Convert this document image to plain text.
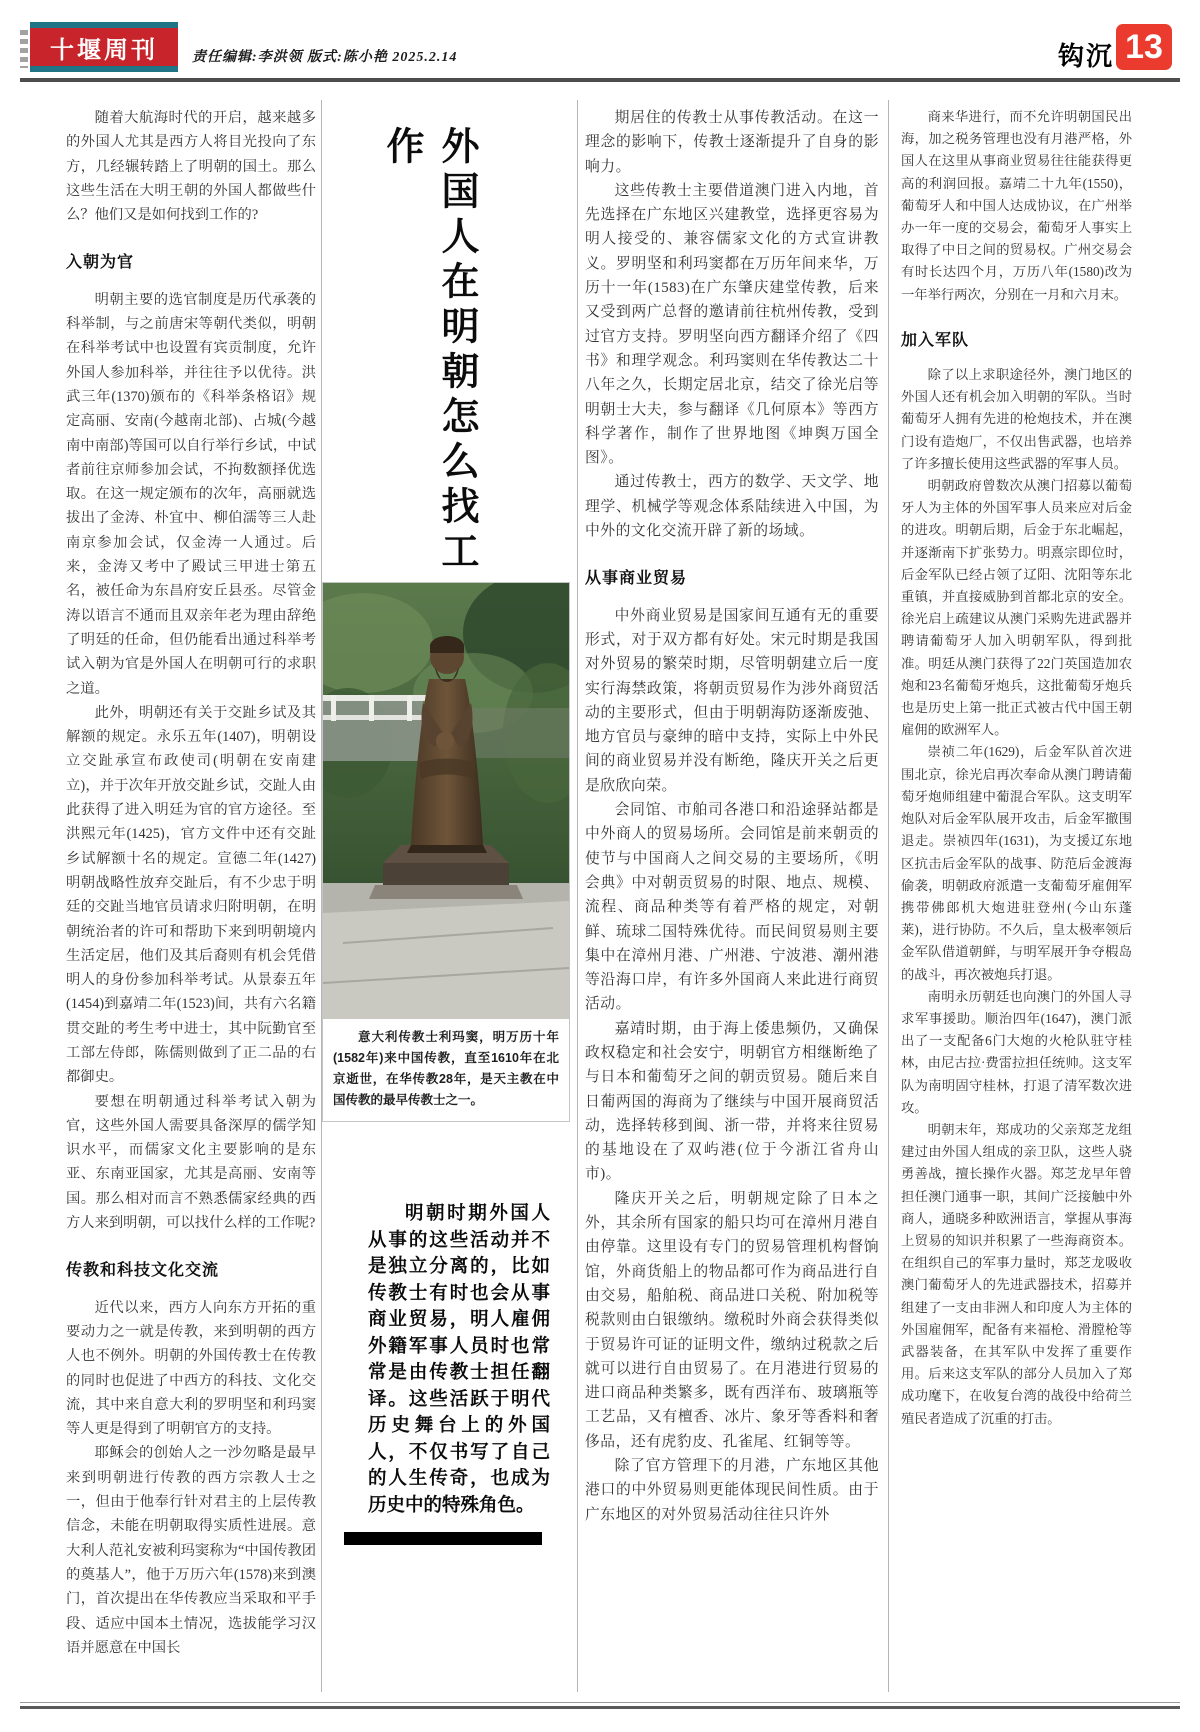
十堰周刊 责任编辑:李洪领 版式:陈小艳 2025.2.14	钩沉 13

随着大航海时代的开启，越来越多的外国人尤其是西方人将目光投向了东方，几经辗转踏上了明朝的国土。那么这些生活在大明王朝的外国人都做些什么？他们又是如何找到工作的?

入朝为官

明朝主要的选官制度是历代承袭的科举制，与之前唐宋等朝代类似，明朝在科举考试中也设置有宾贡制度，允许外国人参加科举，并往往予以优待。洪武三年(1370)颁布的《科举条格诏》规定高丽、安南(今越南北部)、占城(今越南中南部)等国可以自行举行乡试，中试者前往京师参加会试，不拘数额择优选取。在这一规定颁布的次年，高丽就选拔出了金涛、朴宜中、柳伯濡等三人赴南京参加会试，仅金涛一人通过。后来，金涛又考中了殿试三甲进士第五名，被任命为东昌府安丘县丞。尽管金涛以语言不通而且双亲年老为理由辞绝了明廷的任命，但仍能看出通过科举考试入朝为官是外国人在明朝可行的求职之道。

此外，明朝还有关于交趾乡试及其解额的规定。永乐五年(1407)，明朝设立交趾承宣布政使司(明朝在安南建立)，并于次年开放交趾乡试，交趾人由此获得了进入明廷为官的官方途径。至洪熙元年(1425)，官方文件中还有交趾乡试解额十名的规定。宣德二年(1427)明朝战略性放弃交趾后，有不少忠于明廷的交趾当地官员请求归附明朝，在明朝统治者的许可和帮助下来到明朝境内生活定居，他们及其后裔则有机会凭借明人的身份参加科举考试。从景泰五年(1454)到嘉靖二年(1523)间，共有六名籍贯交趾的考生考中进士，其中阮勤官至工部左侍郎，陈儒则做到了正二品的右都御史。

要想在明朝通过科举考试入朝为官，这些外国人需要具备深厚的儒学知识水平，而儒家文化主要影响的是东亚、东南亚国家，尤其是高丽、安南等国。那么相对而言不熟悉儒家经典的西方人来到明朝，可以找什么样的工作呢?

传教和科技文化交流

近代以来，西方人向东方开拓的重要动力之一就是传教，来到明朝的西方人也不例外。明朝的外国传教士在传教的同时也促进了中西方的科技、文化交流，其中来自意大利的罗明坚和利玛窦等人更是得到了明朝官方的支持。

耶稣会的创始人之一沙勿略是最早来到明朝进行传教的西方宗教人士之一，但由于他奉行针对君主的上层传教信念，未能在明朝取得实质性进展。意大利人范礼安被利玛窦称为“中国传教团的奠基人”，他于万历六年(1578)来到澳门，首次提出在华传教应当采取和平手段、适应中国本土情况，选拔能学习汉语并愿意在中国长

外国人在明朝怎么找工作
意大利传教士利玛窦，明万历十年(1582年)来中国传教，直至1610年在北京逝世，在华传教28年，是天主教在中国传教的最早传教士之一。
明朝时期外国人从事的这些活动并不是独立分离的，比如传教士有时也会从事商业贸易，明人雇佣外籍军事人员时也常常是由传教士担任翻译。这些活跃于明代历史舞台上的外国人，不仅书写了自己的人生传奇，也成为历史中的特殊角色。

期居住的传教士从事传教活动。在这一理念的影响下，传教士逐渐提升了自身的影响力。

这些传教士主要借道澳门进入内地，首先选择在广东地区兴建教堂，选择更容易为明人接受的、兼容儒家文化的方式宣讲教义。罗明坚和利玛窦都在万历年间来华，万历十一年(1583)在广东肇庆建堂传教，后来又受到两广总督的邀请前往杭州传教，受到过官方支持。罗明坚向西方翻译介绍了《四书》和理学观念。利玛窦则在华传教达二十八年之久，长期定居北京，结交了徐光启等明朝士大夫，参与翻译《几何原本》等西方科学著作，制作了世界地图《坤舆万国全图》。

通过传教士，西方的数学、天文学、地理学、机械学等观念体系陆续进入中国，为中外的文化交流开辟了新的场域。

从事商业贸易

中外商业贸易是国家间互通有无的重要形式，对于双方都有好处。宋元时期是我国对外贸易的繁荣时期，尽管明朝建立后一度实行海禁政策，将朝贡贸易作为涉外商贸活动的主要形式，但由于明朝海防逐渐废弛、地方官员与豪绅的暗中支持，实际上中外民间的商业贸易并没有断绝，隆庆开关之后更是欣欣向荣。

会同馆、市舶司各港口和沿途驿站都是中外商人的贸易场所。会同馆是前来朝贡的使节与中国商人之间交易的主要场所，《明会典》中对朝贡贸易的时限、地点、规模、流程、商品种类等有着严格的规定，对朝鲜、琉球二国特殊优待。而民间贸易则主要集中在漳州月港、广州港、宁波港、潮州港等沿海口岸，有许多外国商人来此进行商贸活动。

嘉靖时期，由于海上倭患频仍，又确保政权稳定和社会安宁，明朝官方相继断绝了与日本和葡萄牙之间的朝贡贸易。随后来自日葡两国的海商为了继续与中国开展商贸活动，选择转移到闽、浙一带，并将来往贸易的基地设在了双屿港(位于今浙江省舟山市)。

隆庆开关之后，明朝规定除了日本之外，其余所有国家的船只均可在漳州月港自由停靠。这里设有专门的贸易管理机构督饷馆，外商货船上的物品都可作为商品进行自由交易，船舶税、商品进口关税、附加税等税款则由白银缴纳。缴税时外商会获得类似于贸易许可证的证明文件，缴纳过税款之后就可以进行自由贸易了。在月港进行贸易的进口商品种类繁多，既有西洋布、玻璃瓶等工艺品，又有檀香、冰片、象牙等香料和奢侈品，还有虎豹皮、孔雀尾、红铜等等。

除了官方管理下的月港，广东地区其他港口的中外贸易则更能体现民间性质。由于广东地区的对外贸易活动往往只许外

商来华进行，而不允许明朝国民出海，加之税务管理也没有月港严格，外国人在这里从事商业贸易往往能获得更高的利润回报。嘉靖二十九年(1550)，葡萄牙人和中国人达成协议，在广州举办一年一度的交易会，葡萄牙人事实上取得了中日之间的贸易权。广州交易会有时长达四个月，万历八年(1580)改为一年举行两次，分别在一月和六月末。

加入军队

除了以上求职途径外，澳门地区的外国人还有机会加入明朝的军队。当时葡萄牙人拥有先进的枪炮技术，并在澳门设有造炮厂，不仅出售武器，也培养了许多擅长使用这些武器的军事人员。

明朝政府曾数次从澳门招募以葡萄牙人为主体的外国军事人员来应对后金的进攻。明朝后期，后金于东北崛起，并逐渐南下扩张势力。明熹宗即位时，后金军队已经占领了辽阳、沈阳等东北重镇，并直接威胁到首都北京的安全。徐光启上疏建议从澳门采购先进武器并聘请葡萄牙人加入明朝军队，得到批准。明廷从澳门获得了22门英国造加农炮和23名葡萄牙炮兵，这批葡萄牙炮兵也是历史上第一批正式被古代中国王朝雇佣的欧洲军人。

崇祯二年(1629)，后金军队首次进围北京，徐光启再次奉命从澳门聘请葡萄牙炮师组建中葡混合军队。这支明军炮队对后金军队展开攻击，后金军撤围退走。崇祯四年(1631)，为支援辽东地区抗击后金军队的战事、防范后金渡海偷袭，明朝政府派遣一支葡萄牙雇佣军携带佛郎机大炮进驻登州(今山东蓬莱)，进行协防。不久后，皇太极率领后金军队借道朝鲜，与明军展开争夺椵岛的战斗，再次被炮兵打退。

南明永历朝廷也向澳门的外国人寻求军事援助。顺治四年(1647)，澳门派出了一支配备6门大炮的火枪队驻守桂林，由尼古拉·费雷拉担任统帅。这支军队为南明固守桂林，打退了清军数次进攻。

明朝末年，郑成功的父亲郑芝龙组建过由外国人组成的亲卫队，这些人骁勇善战，擅长操作火器。郑芝龙早年曾担任澳门通事一职，其间广泛接触中外商人，通晓多种欧洲语言，掌握从事海上贸易的知识并积累了一些海商资本。在组织自己的军事力量时，郑芝龙吸收澳门葡萄牙人的先进武器技术，招募并组建了一支由非洲人和印度人为主体的外国雇佣军，配备有来福枪、滑膛枪等武器装备，在其军队中发挥了重要作用。后来这支军队的部分人员加入了郑成功麾下，在收复台湾的战役中给荷兰殖民者造成了沉重的打击。
